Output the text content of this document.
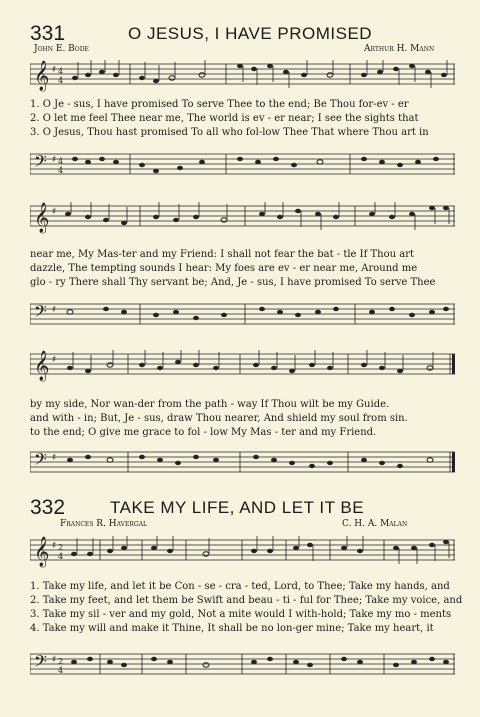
331	O JESUS, I HAVE PROMISED
John E. Bode	Arthur H. Mann
𝄞 ♯ 4
4
1. O Je - sus, I have promised To serve Thee to the end; Be Thou for-ev - er
2. O let me feel Thee near me, The world is ev - er near; I see the sights that
3. O Jesus, Thou hast promised To all who fol-low Thee That where Thou art in
𝄢 ♯ 4
4
𝄞 ♯
near me, My Mas-ter and my Friend: I shall not fear the bat - tle If Thou art
dazzle, The tempting sounds I hear: My foes are ev - er near me, Around me
glo - ry There shall Thy servant be; And, Je - sus, I have promised To serve Thee
𝄢 ♯
𝄞 ♯
by my side, Nor wan-der from the path - way If Thou wilt be my Guide.
and with - in; But, Je - sus, draw Thou nearer, And shield my soul from sin.
to the end; O give me grace to fol - low My Mas - ter and my Friend.
𝄢 ♯
332	TAKE MY LIFE, AND LET IT BE
Frances R. Havergal	C. H. A. Malan
𝄞 ♯ 2
4
1. Take my life, and let it be Con - se - cra - ted, Lord, to Thee; Take my hands, and
2. Take my feet, and let them be Swift and beau - ti - ful for Thee; Take my voice, and
3. Take my sil - ver and my gold, Not a mite would I with-hold; Take my mo - ments
4. Take my will and make it Thine, It shall be no lon-ger mine; Take my heart, it
𝄢 ♯ 2
4
